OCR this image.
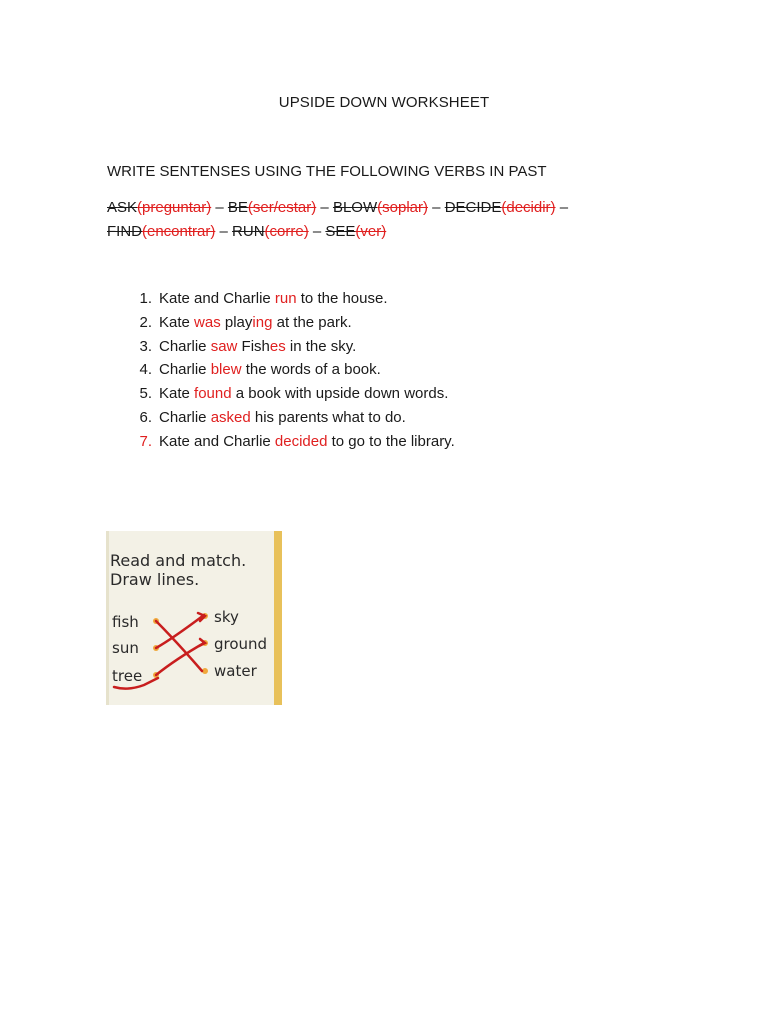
UPSIDE DOWN WORKSHEET
WRITE SENTENSES USING THE FOLLOWING VERBS IN PAST
ASK(preguntar) – BE(ser/estar) – BLOW(soplar) – DECIDE(decidir) – FIND(encontrar) – RUN(corre) – SEE(ver)
1. Kate and Charlie run to the house.
2. Kate was playing at the park.
3. Charlie saw Fishes in the sky.
4. Charlie blew the words of a book.
5. Kate found a book with upside down words.
6. Charlie asked his parents what to do.
7. Kate and Charlie decided to go to the library.
Read and match.
Draw lines.
fish
sun
tree
sky
ground
water
